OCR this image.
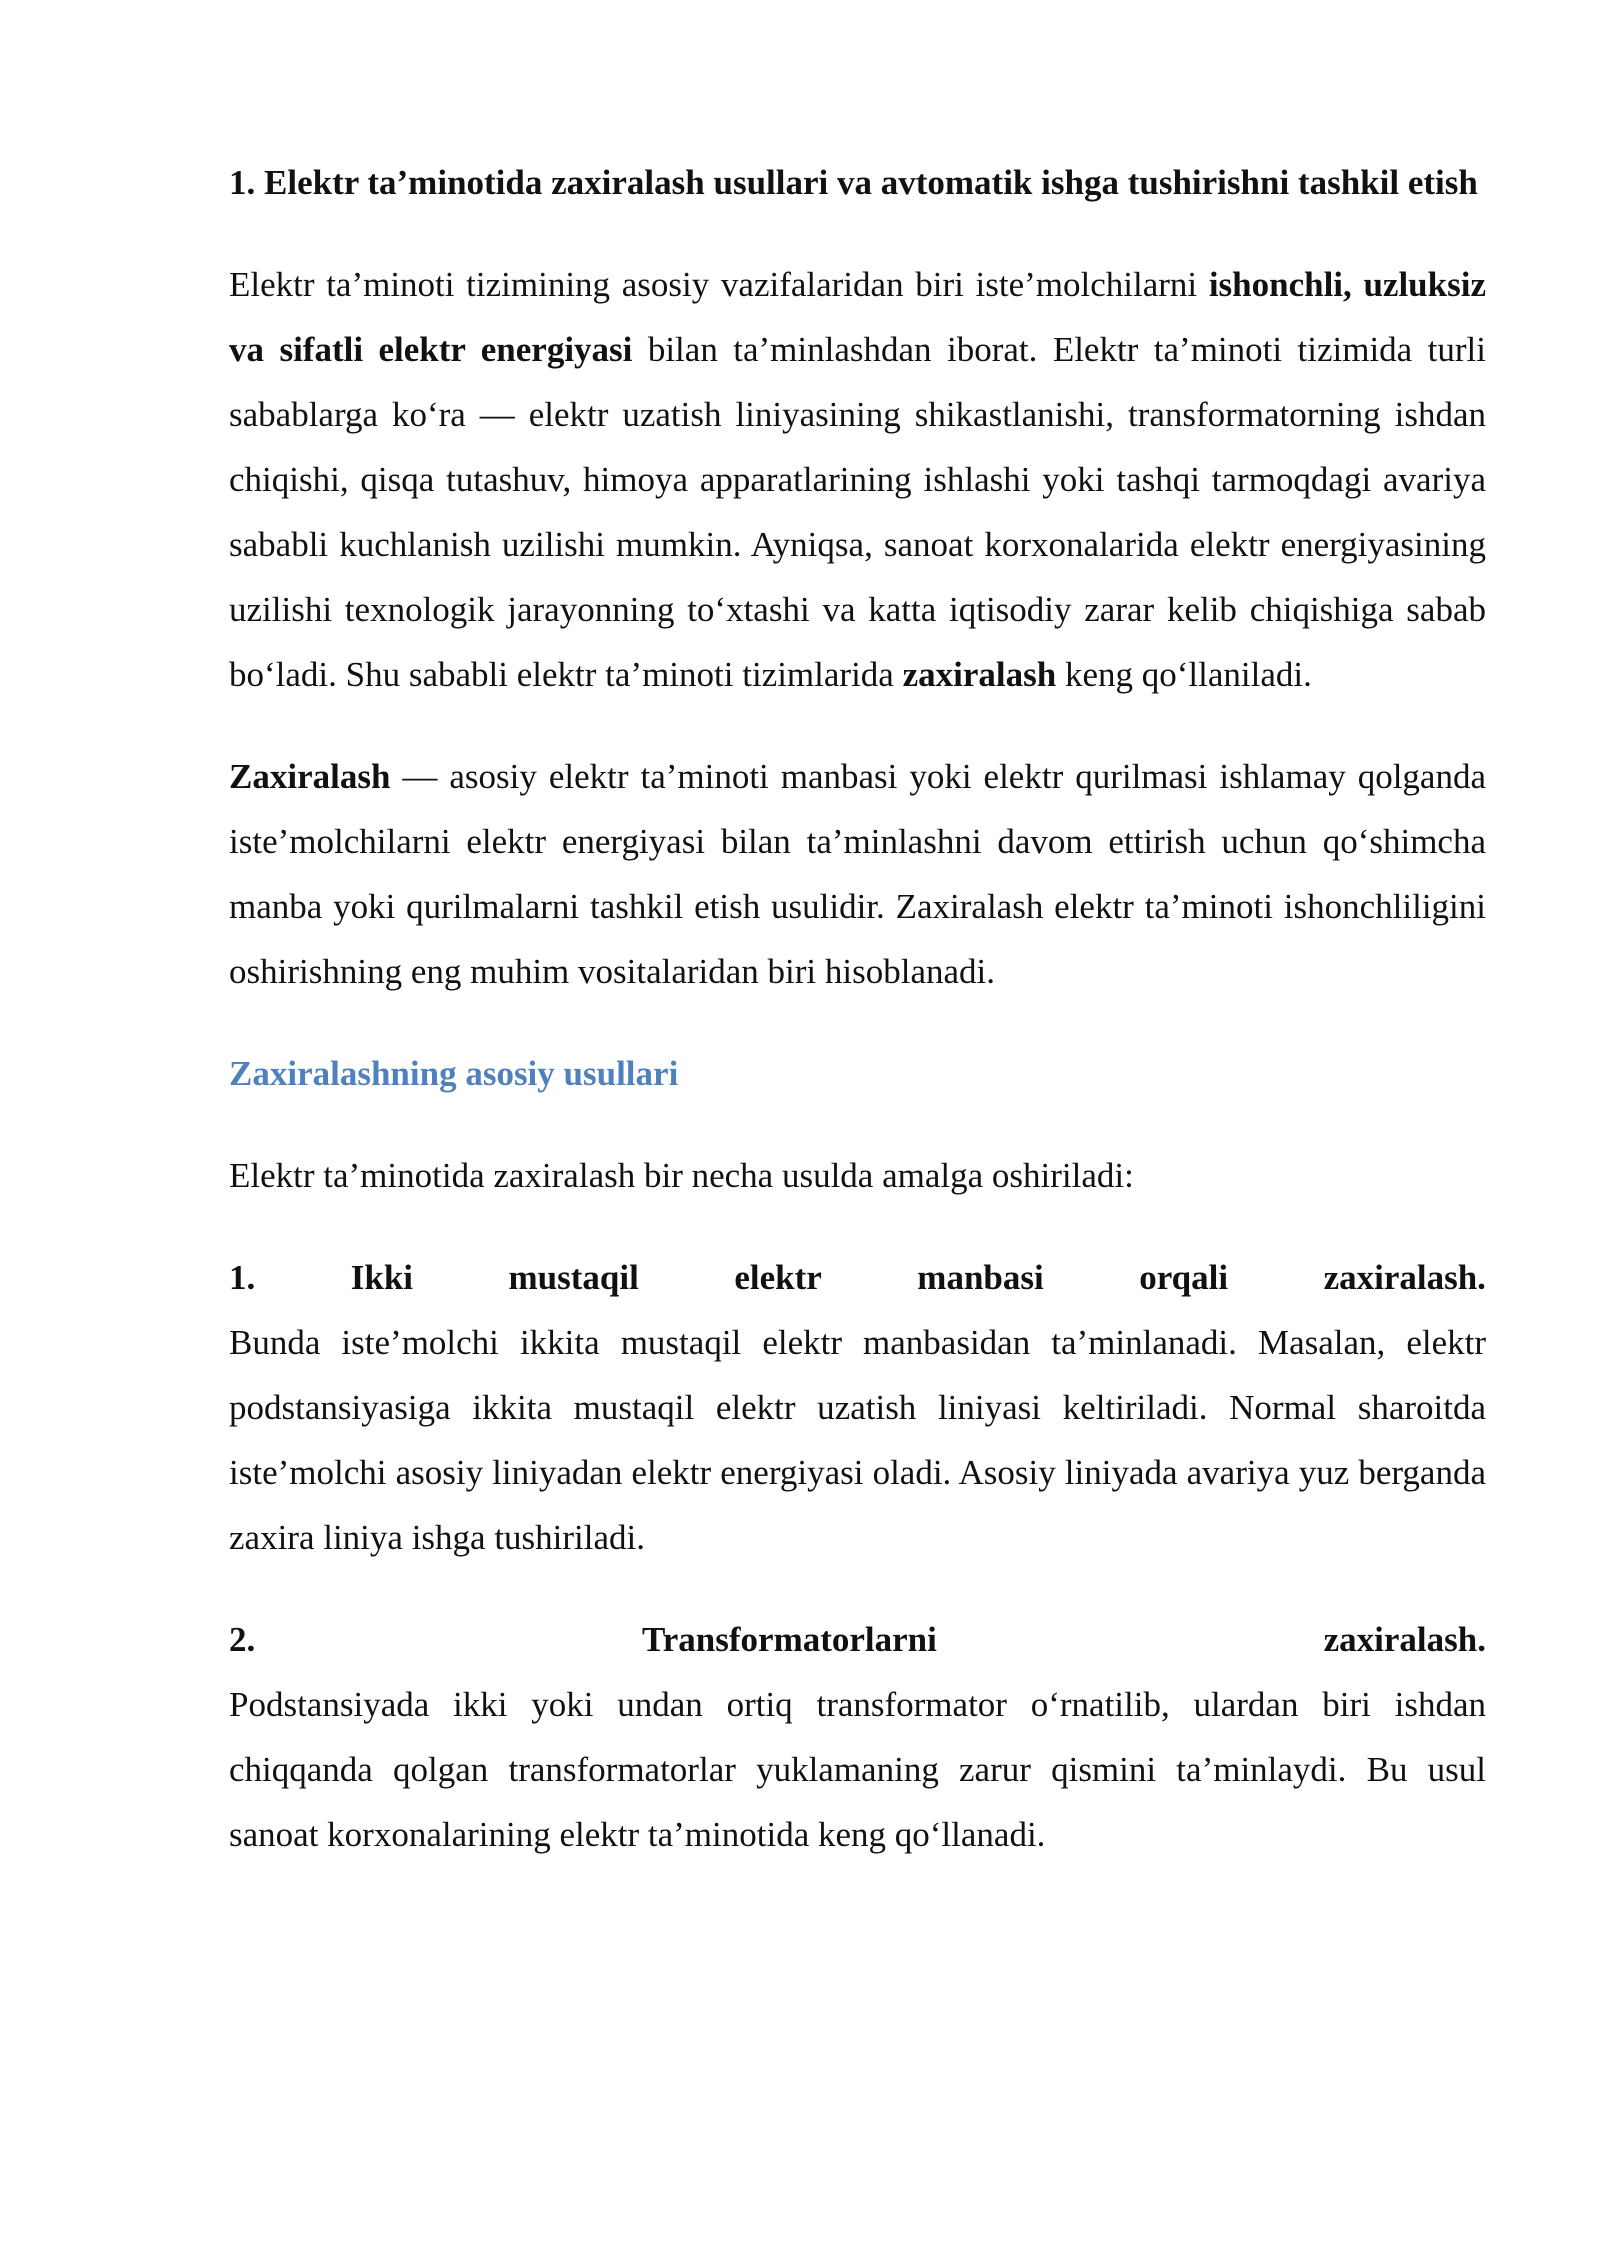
1. Elektr ta’minotida zaxiralash usullari va avtomatik ishga tushirishni tashkil etish

Elektr ta’minoti tizimining asosiy vazifalaridan biri iste’molchilarni ishonchli, uzluksiz va sifatli elektr energiyasi bilan ta’minlashdan iborat. Elektr ta’minoti tizimida turli sabablarga ko‘ra — elektr uzatish liniyasining shikastlanishi, transformatorning ishdan chiqishi, qisqa tutashuv, himoya apparatlarining ishlashi yoki tashqi tarmoqdagi avariya sababli kuchlanish uzilishi mumkin. Ayniqsa, sanoat korxonalarida elektr energiyasining uzilishi texnologik jarayonning to‘xtashi va katta iqtisodiy zarar kelib chiqishiga sabab bo‘ladi. Shu sababli elektr ta’minoti tizimlarida zaxiralash keng qo‘llaniladi.

Zaxiralash — asosiy elektr ta’minoti manbasi yoki elektr qurilmasi ishlamay qolganda iste’molchilarni elektr energiyasi bilan ta’minlashni davom ettirish uchun qo‘shimcha manba yoki qurilmalarni tashkil etish usulidir. Zaxiralash elektr ta’minoti ishonchliligini oshirishning eng muhim vositalaridan biri hisoblanadi.

Zaxiralashning asosiy usullari

Elektr ta’minotida zaxiralash bir necha usulda amalga oshiriladi:

1.	Ikki	mustaqil	elektr	manbasi	orqali	zaxiralash.

Bunda iste’molchi ikkita mustaqil elektr manbasidan ta’minlanadi. Masalan, elektr podstansiyasiga ikkita mustaqil elektr uzatish liniyasi keltiriladi. Normal sharoitda iste’molchi asosiy liniyadan elektr energiyasi oladi. Asosiy liniyada avariya yuz berganda zaxira liniya ishga tushiriladi.

2.	Transformatorlarni	zaxiralash.

Podstansiyada ikki yoki undan ortiq transformator o‘rnatilib, ulardan biri ishdan chiqqanda qolgan transformatorlar yuklamaning zarur qismini ta’minlaydi. Bu usul sanoat korxonalarining elektr ta’minotida keng qo‘llanadi.
